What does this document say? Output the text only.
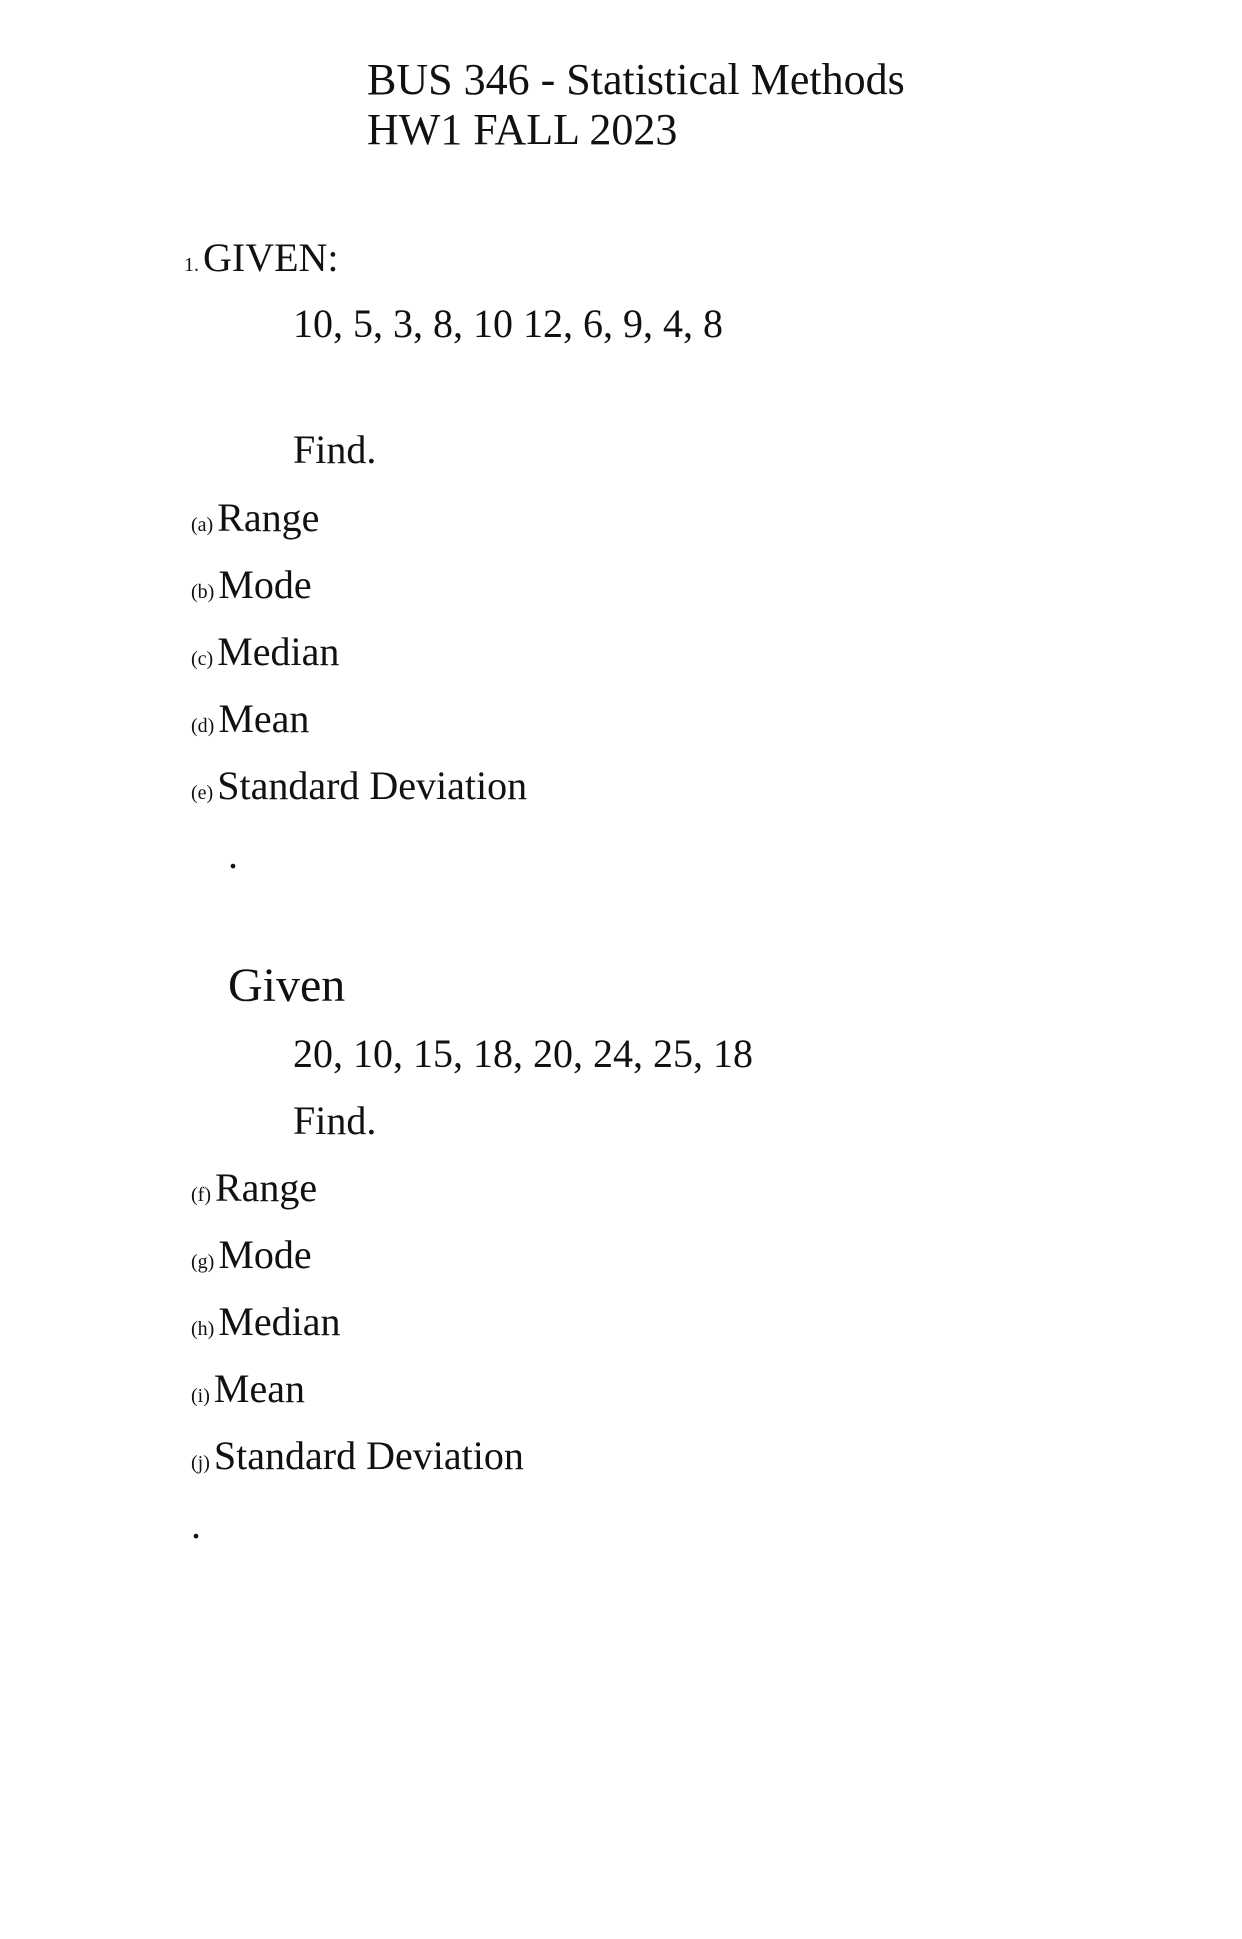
BUS 346 - Statistical Methods
HW1 FALL 2023
1. GIVEN:
10, 5, 3, 8, 10 12, 6, 9, 4, 8
Find.
(a) Range
(b) Mode
(c) Median
(d) Mean
(e) Standard Deviation
.
Given
20, 10, 15, 18, 20, 24, 25, 18
Find.
(f) Range
(g) Mode
(h) Median
(i) Mean
(j) Standard Deviation
.
